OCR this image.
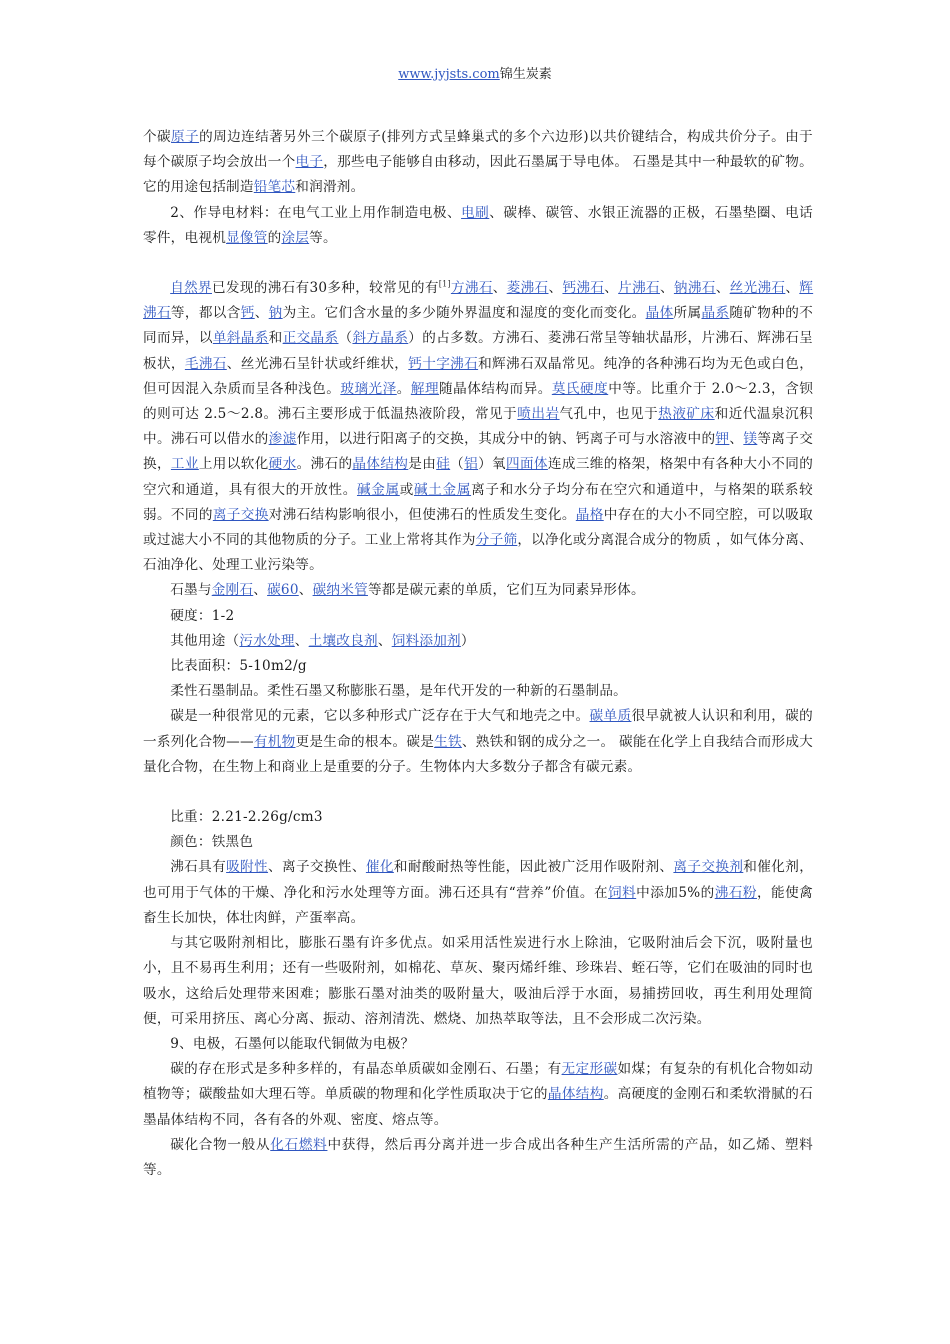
www.jyjsts.com锦生炭素

个碳原子的周边连结著另外三个碳原子(排列方式呈蜂巢式的多个六边形)以共价键结合，构成共价分子。由于每个碳原子均会放出一个电子，那些电子能够自由移动，因此石墨属于导电体。 石墨是其中一种最软的矿物。 它的用途包括制造铅笔芯和润滑剂。

2、作导电材料：在电气工业上用作制造电极、电刷、碳棒、碳管、水银正流器的正极，石墨垫圈、电话零件，电视机显像管的涂层等。

自然界已发现的沸石有30多种，较常见的有[1]方沸石、菱沸石、钙沸石、片沸石、钠沸石、丝光沸石、辉沸石等，都以含钙、钠为主。它们含水量的多少随外界温度和湿度的变化而变化。晶体所属晶系随矿物种的不同而异，以单斜晶系和正交晶系（斜方晶系）的占多数。方沸石、菱沸石常呈等轴状晶形，片沸石、辉沸石呈板状，毛沸石、丝光沸石呈针状或纤维状，钙十字沸石和辉沸石双晶常见。纯净的各种沸石均为无色或白色，但可因混入杂质而呈各种浅色。玻璃光泽。解理随晶体结构而异。莫氏硬度中等。比重介于 2.0～2.3，含钡的则可达 2.5～2.8。沸石主要形成于低温热液阶段，常见于喷出岩气孔中，也见于热液矿床和近代温泉沉积中。沸石可以借水的渗滤作用，以进行阳离子的交换，其成分中的钠、钙离子可与水溶液中的钾、镁等离子交换，工业上用以软化硬水。沸石的晶体结构是由硅（铝）氧四面体连成三维的格架，格架中有各种大小不同的空穴和通道，具有很大的开放性。碱金属或碱土金属离子和水分子均分布在空穴和通道中，与格架的联系较弱。不同的离子交换对沸石结构影响很小，但使沸石的性质发生变化。晶格中存在的大小不同空腔，可以吸取或过滤大小不同的其他物质的分子。工业上常将其作为分子筛，以净化或分离混合成分的物质 ，如气体分离、石油净化、处理工业污染等。

石墨与金刚石、碳60、碳纳米管等都是碳元素的单质，它们互为同素异形体。

硬度：1-2

其他用途（污水处理、土壤改良剂、饲料添加剂）

比表面积：5-10m2/g

柔性石墨制品。柔性石墨又称膨胀石墨，是年代开发的一种新的石墨制品。

碳是一种很常见的元素，它以多种形式广泛存在于大气和地壳之中。碳单质很早就被人认识和利用，碳的一系列化合物——有机物更是生命的根本。碳是生铁、熟铁和钢的成分之一。 碳能在化学上自我结合而形成大量化合物，在生物上和商业上是重要的分子。生物体内大多数分子都含有碳元素。

比重：2.21-2.26g/cm3

颜色：铁黑色

沸石具有吸附性、离子交换性、催化和耐酸耐热等性能，因此被广泛用作吸附剂、离子交换剂和催化剂，也可用于气体的干燥、净化和污水处理等方面。沸石还具有“营养”价值。在饲料中添加5%的沸石粉，能使禽畜生长加快，体壮肉鲜，产蛋率高。

与其它吸附剂相比，膨胀石墨有许多优点。如采用活性炭进行水上除油，它吸附油后会下沉，吸附量也小，且不易再生利用；还有一些吸附剂，如棉花、草灰、聚丙烯纤维、珍珠岩、蛭石等，它们在吸油的同时也吸水，这给后处理带来困难；膨胀石墨对油类的吸附量大，吸油后浮于水面，易捕捞回收，再生利用处理简便，可采用挤压、离心分离、振动、溶剂清洗、燃烧、加热萃取等法，且不会形成二次污染。

9、电极，石墨何以能取代铜做为电极？

碳的存在形式是多种多样的，有晶态单质碳如金刚石、石墨；有无定形碳如煤；有复杂的有机化合物如动植物等；碳酸盐如大理石等。单质碳的物理和化学性质取决于它的晶体结构。高硬度的金刚石和柔软滑腻的石墨晶体结构不同，各有各的外观、密度、熔点等。

碳化合物一般从化石燃料中获得，然后再分离并进一步合成出各种生产生活所需的产品，如乙烯、塑料等。
